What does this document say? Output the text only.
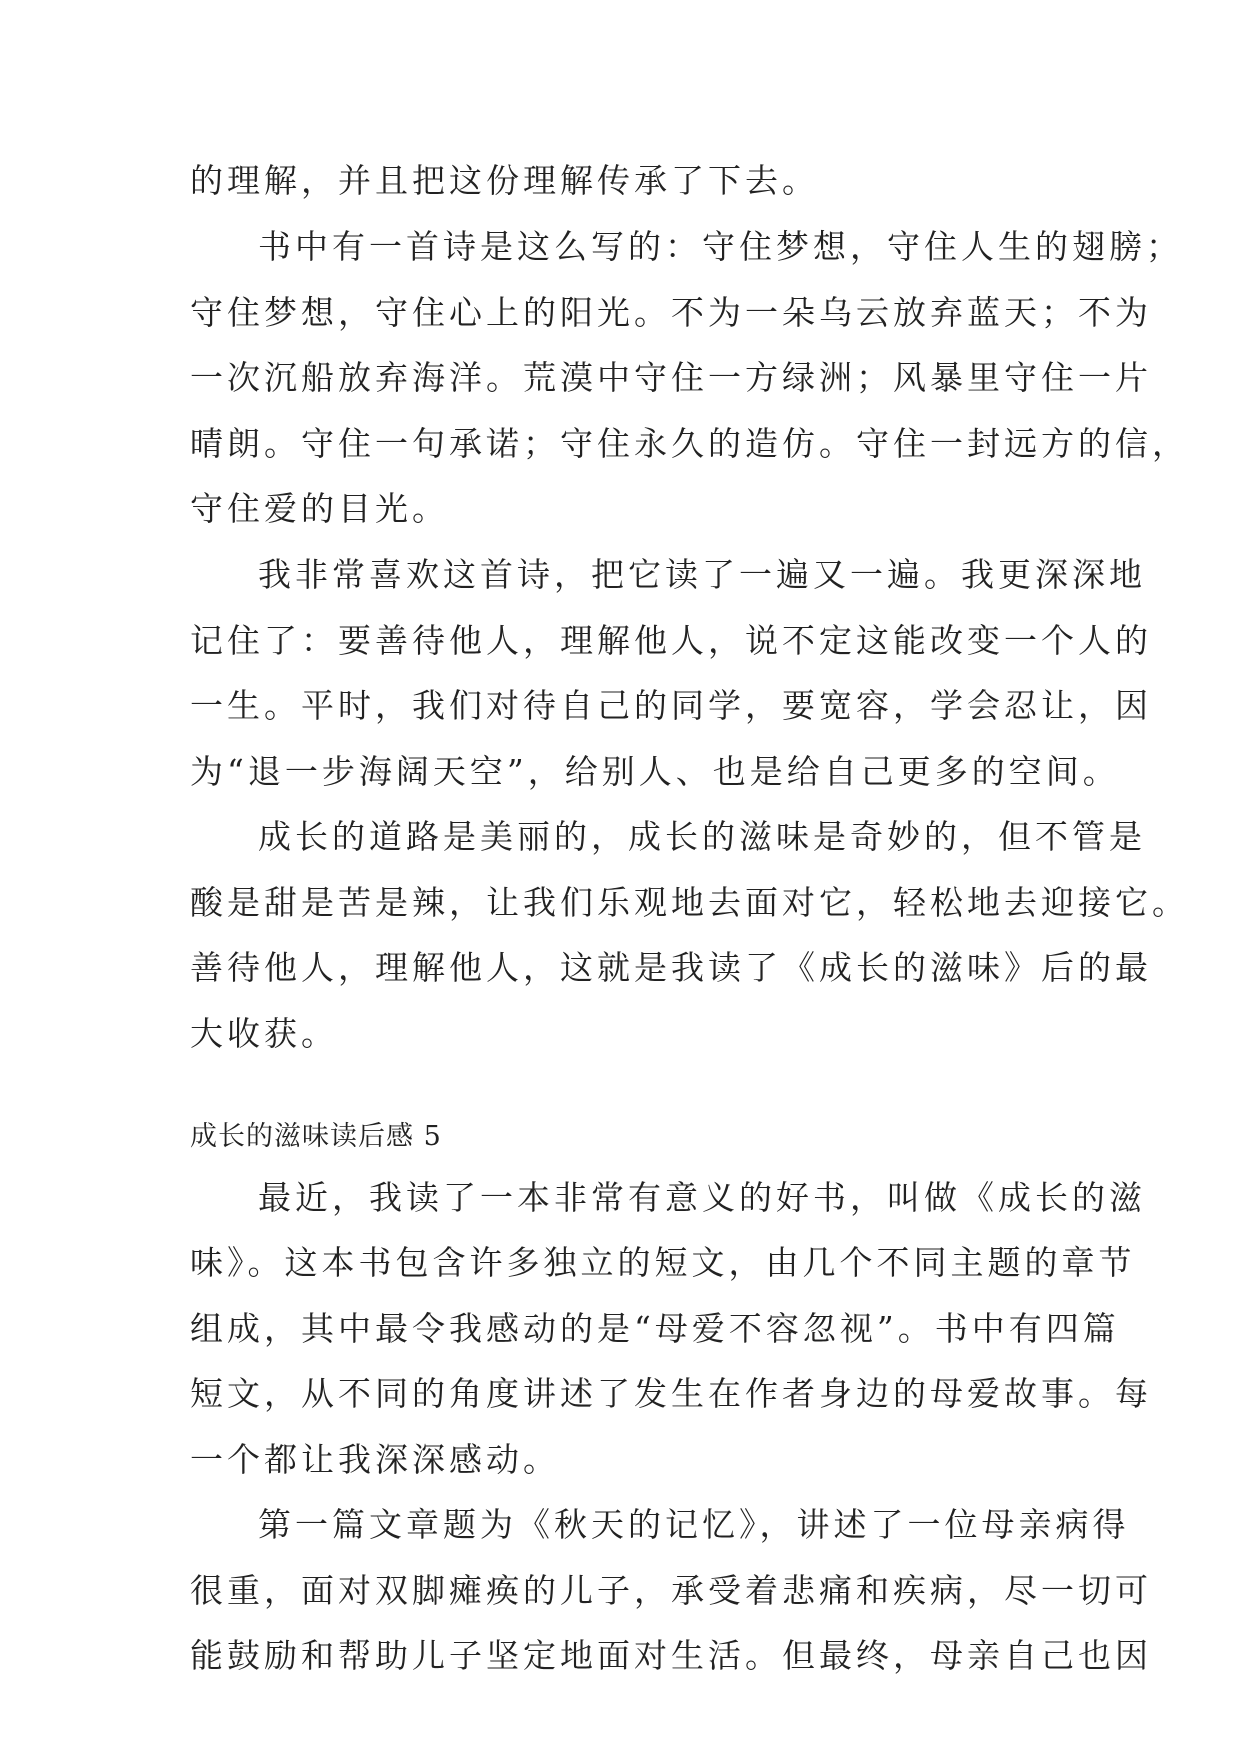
的理解，并且把这份理解传承了下去。
书中有一首诗是这么写的：守住梦想，守住人生的翅膀；
守住梦想，守住心上的阳光。不为一朵乌云放弃蓝天；不为
一次沉船放弃海洋。荒漠中守住一方绿洲；风暴里守住一片
晴朗。守住一句承诺；守住永久的造仿。守住一封远方的信，
守住爱的目光。
我非常喜欢这首诗，把它读了一遍又一遍。我更深深地
记住了：要善待他人，理解他人，说不定这能改变一个人的
一生。平时，我们对待自己的同学，要宽容，学会忍让，因
为“退一步海阔天空”，给别人、也是给自己更多的空间。
成长的道路是美丽的，成长的滋味是奇妙的，但不管是
酸是甜是苦是辣，让我们乐观地去面对它，轻松地去迎接它。
善待他人，理解他人，这就是我读了《成长的滋味》后的最
大收获。
成长的滋味读后感 5
最近，我读了一本非常有意义的好书，叫做《成长的滋
味》。这本书包含许多独立的短文，由几个不同主题的章节
组成，其中最令我感动的是“母爱不容忽视”。书中有四篇
短文，从不同的角度讲述了发生在作者身边的母爱故事。每
一个都让我深深感动。
第一篇文章题为《秋天的记忆》，讲述了一位母亲病得
很重，面对双脚瘫痪的儿子，承受着悲痛和疾病，尽一切可
能鼓励和帮助儿子坚定地面对生活。但最终，母亲自己也因
